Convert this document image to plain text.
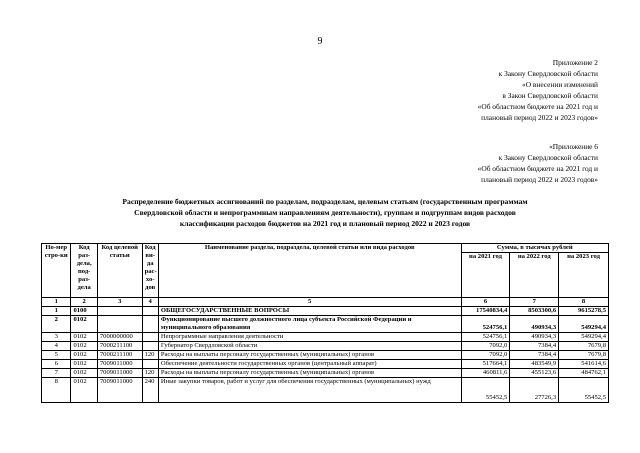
9
Приложение 2
к Закону Свердловской области
«О внесении изменений
в Закон Свердловской области
«Об областном бюджете на 2021 год и
плановый период 2022 и 2023 годов»
«Приложение 6
к Закону Свердловской области
«Об областном бюджете на 2021 год и
плановый период 2022 и 2023 годов»
Распределение бюджетных ассигнований по разделам, подразделам, целевым статьям (государственным программам
Свердловской области и непрограммным направлениям деятельности), группам и подгруппам видов расходов
классификации расходов бюджетов на 2021 год и плановый период 2022 и 2023 годов
Но-мер стро-ки	Код раз-дела, под-раз-дела	Код целевой статьи	Код ви-да рас-хо-дов	Наименование раздела, подраздела, целевой статьи или вида расходов	Сумма, в тысячах рублей		
					на 2021 год	на 2022 год	на 2023 год
1	2	3	4	5	6	7	8
1	0100			ОБЩЕГОСУДАРСТВЕННЫЕ ВОПРОСЫ	17540834,4	8503300,6	9615278,5
2	0102			Функционирование высшего должностного лица субъекта Российской Федерации и муниципального образования	524756,1	490934,3	549294,4
3	0102	7000000000		Непрограммные направления деятельности	524756,1	490934,3	549294,4
4	0102	7000211100		Губернатор Свердловской области	7092,0	7384,4	7679,8
5	0102	7000211100	120	Расходы на выплаты персоналу государственных (муниципальных) органов	7092,0	7384,4	7679,8
6	0102	7009011000		Обеспечение деятельности государственных органов (центральный аппарат)	517664,1	483549,9	541614,6
7	0102	7009011000	120	Расходы на выплаты персоналу государственных (муниципальных) органов	460811,6	455123,6	484762,1
8	0102	7009011000	240	Иные закупки товаров, работ и услуг для обеспечения государственных (муниципальных) нужд	55452,5	27726,3	55452,5
